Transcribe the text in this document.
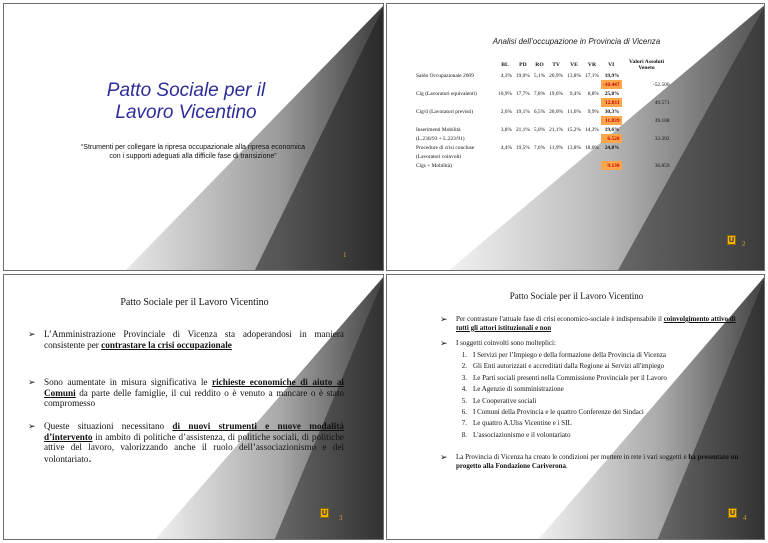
Patto Sociale per il Lavoro Vicentino
“Strumenti per collegare la ripresa occupazionale alla ripresa economica con i supporti adeguati alla difficile fase di transizione”
1
Analisi dell’occupazione in Provincia di Vicenza
	BL	PD	RO	TV	VE	VR	VI	Valori Assoluti Veneto
Saldo Occupazionale 2009	4,3%	19,0%	5,1%	20,9%	13,8%	17,1%	19,9%	
							-10.447	-52.500
Cig (Lavoratori equivalenti)	10,9%	17,7%	7,8%	19,6%	9,4%	8,8%	25,8%	
							12.811	49.571
Cig/d (Lavoratori previsti)	2,6%	19,1%	6,5%	20,0%	11,6%	9,9%	30,3%	
							11.839	39.108
Inserimenti Mobilità	3,8%	21,1%	5,0%	21,1%	15,2%	14,3%	19,6%	
(L.236/93 + L.223/91)							6.520	33.292
Procedure di crisi concluse	4,4%	19,5%	7,6%	11,9%	13,8%	18,0%	24,8%	
(Lavoratori coinvolti								
Cigs + Mobilità)							9.130	36.859
U 2
Patto Sociale per il Lavoro Vicentino
➢ L’Amministrazione Provinciale di Vicenza sta adoperandosi in maniera consistente per contrastare la crisi occupazionale
➢ Sono aumentate in misura significativa le richieste economiche di aiuto ai Comuni da parte delle famiglie, il cui reddito o è venuto a mancare o è stato compromesso
➢ Queste situazioni necessitano di nuovi strumenti e nuove modalità d’intervento in ambito di politiche d’assistenza, di politiche sociali, di politiche attive del lavoro, valorizzando anche il ruolo dell’associazionismo e del volontariato.
U
3
Patto Sociale per il Lavoro Vicentino
➢ Per contrastare l'attuale fase di crisi economico-sociale è indispensabile il coinvolgimento attivo di tutti gli attori istituzionali e non
➢ I soggetti coinvolti sono molteplici:
1. I Servizi per l’Impiego e della formazione della Provincia di Vicenza
2. Gli Enti autorizzati e accreditati dalla Regione ai Servizi all'impiego
3. Le Parti sociali presenti nella Commissione Provinciale per il Lavoro
4. Le Agenzie di somministrazione
5. Le Cooperative sociali
6. I Comuni della Provincia e le quattro Conferenze dei Sindaci
7. Le quattro A.Ulss Vicentine e i SIL
8. L'associazionismo e il volontariato
➢ La Provincia di Vicenza ha creato le condizioni per mettere in rete i vari soggetti e ha presentato un progetto alla Fondazione Cariverona.
U
4
